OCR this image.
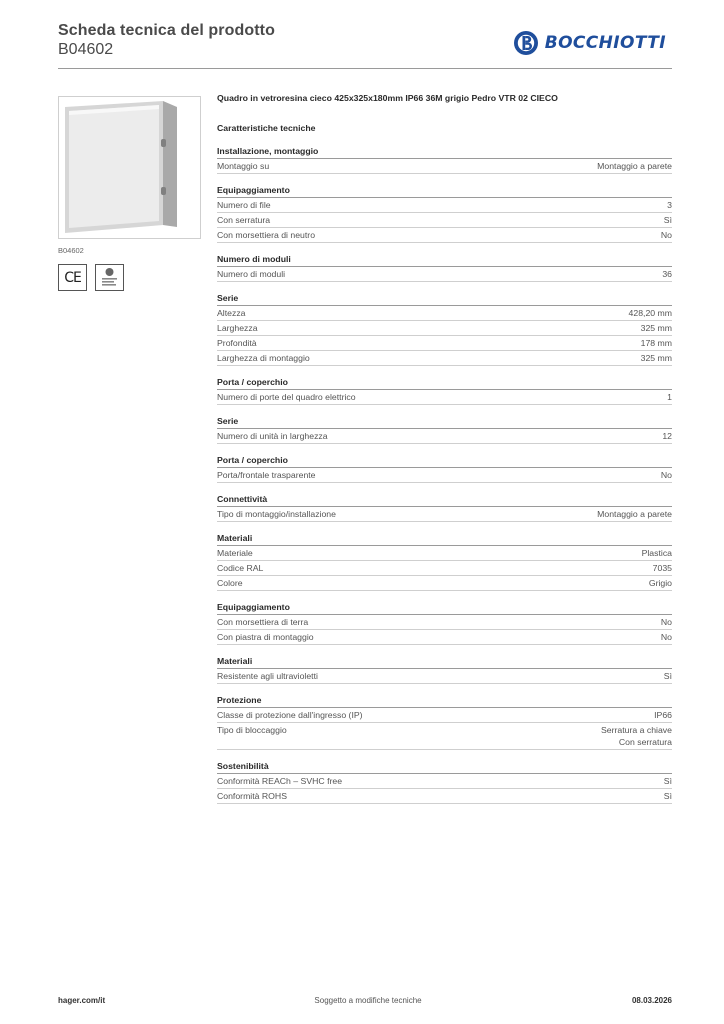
Scheda tecnica del prodotto
B04602	BOCCHIOTTI
B04602
CE
Quadro in vetroresina cieco 425x325x180mm IP66 36M grigio Pedro VTR 02 CIECO
Caratteristiche tecniche
Installazione, montaggio
Montaggio su	Montaggio a parete
Equipaggiamento
Numero di file	3
Con serratura	Sì
Con morsettiera di neutro	No
Numero di moduli
Numero di moduli	36
Serie
Altezza	428,20 mm
Larghezza	325 mm
Profondità	178 mm
Larghezza di montaggio	325 mm
Porta / coperchio
Numero di porte del quadro elettrico	1
Serie
Numero di unità in larghezza	12
Porta / coperchio
Porta/frontale trasparente	No
Connettività
Tipo di montaggio/installazione	Montaggio a parete
Materiali
Materiale	Plastica
Codice RAL	7035
Colore	Grigio
Equipaggiamento
Con morsettiera di terra	No
Con piastra di montaggio	No
Materiali
Resistente agli ultravioletti	Sì
Protezione
Classe di protezione dall'ingresso (IP)	IP66
Tipo di bloccaggio	Serratura a chiave
Con serratura
Sostenibilità
Conformità REACh – SVHC free	Sì
Conformità ROHS	Sì
hager.com/it	Soggetto a modifiche tecniche	08.03.2026
